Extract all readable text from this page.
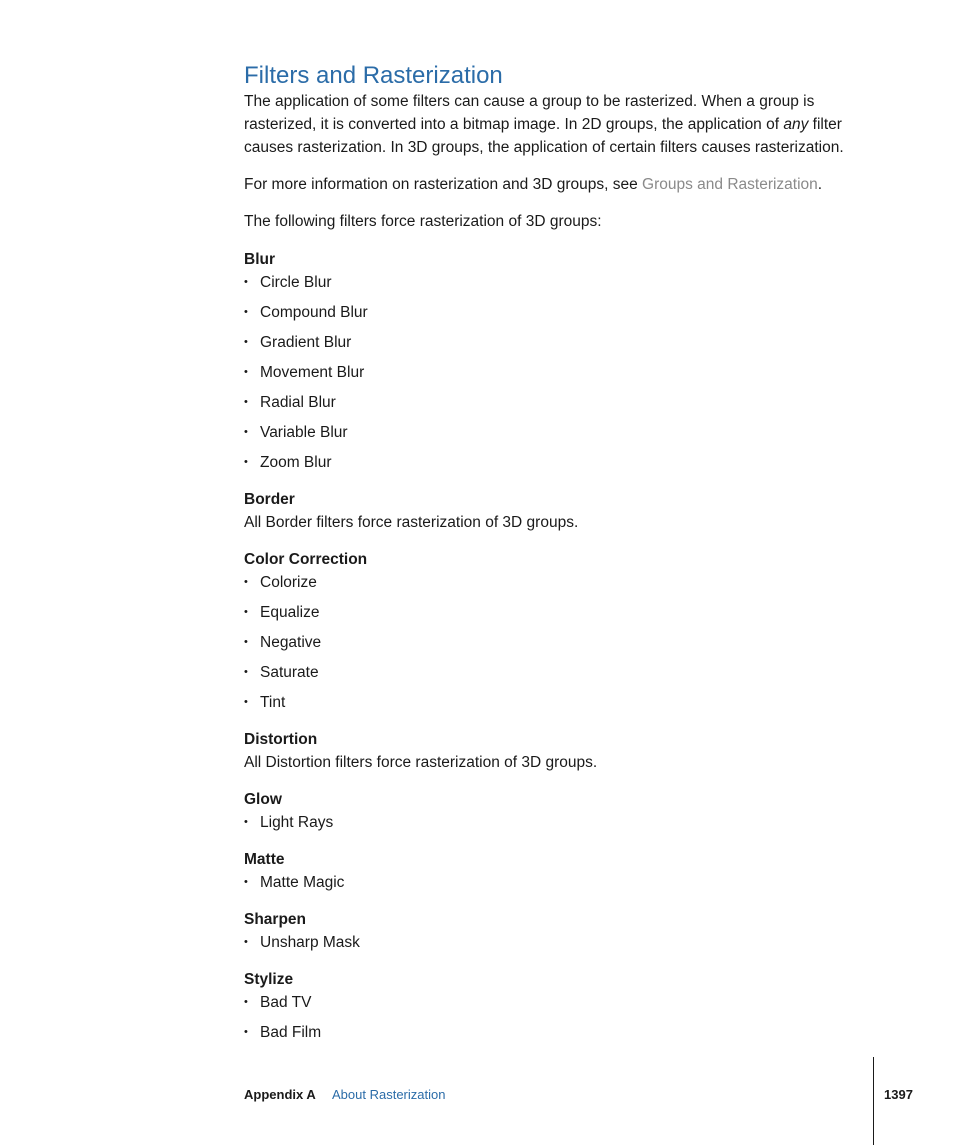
Filters and Rasterization

The application of some filters can cause a group to be rasterized. When a group is rasterized, it is converted into a bitmap image. In 2D groups, the application of any filter causes rasterization. In 3D groups, the application of certain filters causes rasterization.

For more information on rasterization and 3D groups, see Groups and Rasterization.
The following filters force rasterization of 3D groups:
Blur
• Circle Blur
• Compound Blur
• Gradient Blur
• Movement Blur
• Radial Blur
• Variable Blur
• Zoom Blur
Border
All Border filters force rasterization of 3D groups.
Color Correction
• Colorize
• Equalize
• Negative
• Saturate
• Tint
Distortion
All Distortion filters force rasterization of 3D groups.
Glow
• Light Rays
Matte
• Matte Magic
Sharpen
• Unsharp Mask
Stylize
• Bad TV
• Bad Film
Appendix A About Rasterization	1397
